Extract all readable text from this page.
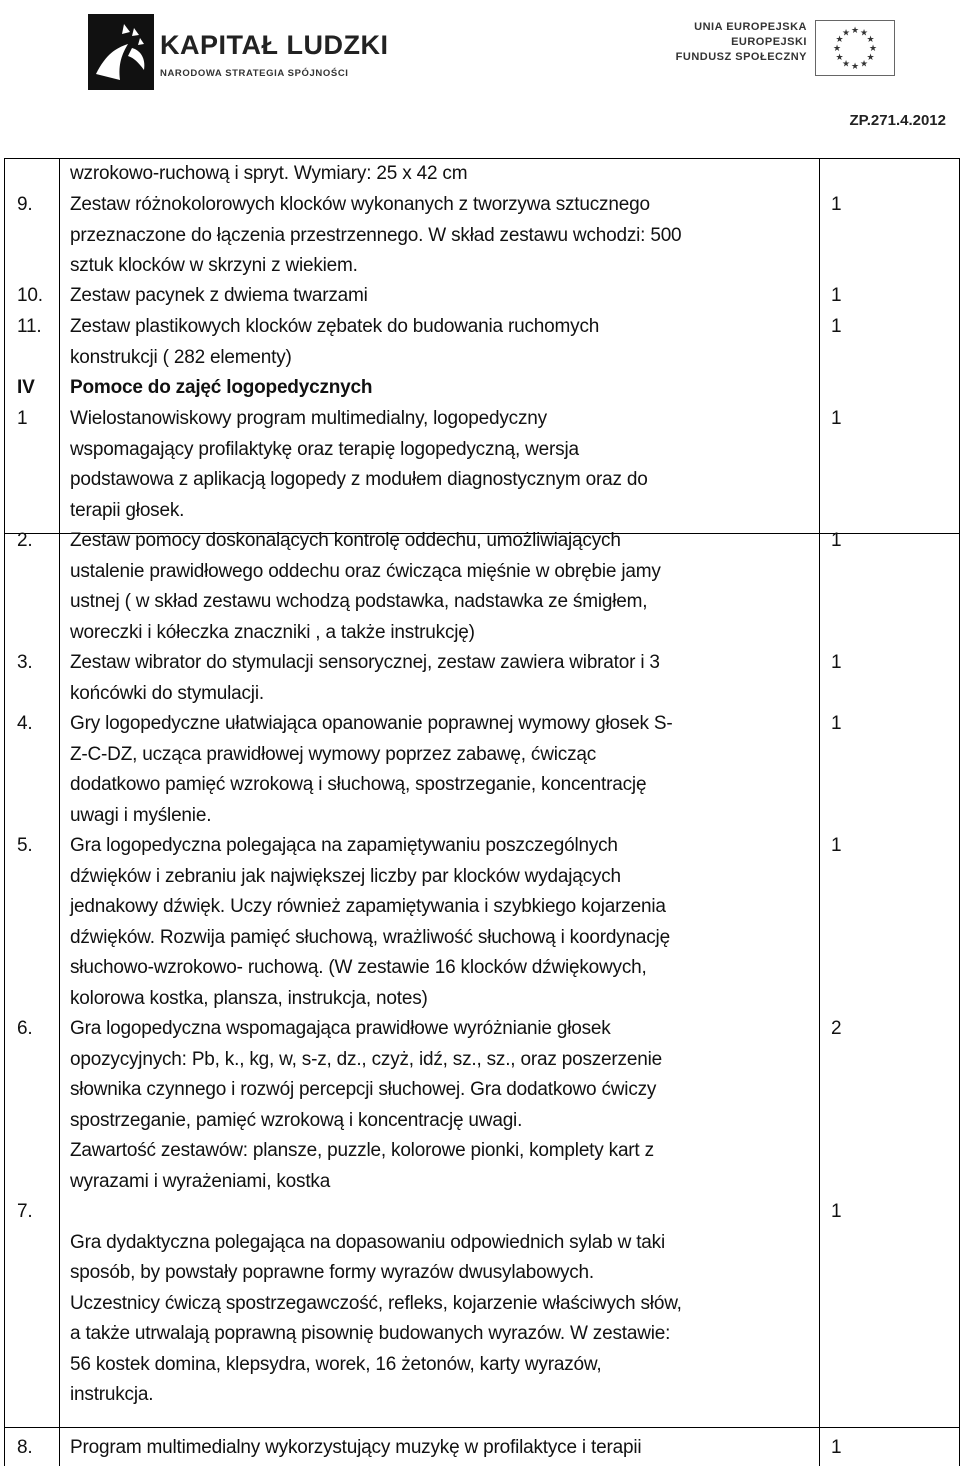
KAPITAŁ LUDZKI
NARODOWA STRATEGIA SPÓJNOŚCI
UNIA EUROPEJSKA
EUROPEJSKI
FUNDUSZ SPOŁECZNY
★ ★
★
★
★
★
★
★
★
★
★
★
ZP.271.4.2012
wzrokowo-ruchową i spryt. Wymiary: 25 x 42 cm
9. Zestaw różnokolorowych klocków wykonanych z tworzywa sztucznego
przeznaczone do łączenia przestrzennego. W skład zestawu wchodzi: 500
sztuk klocków w skrzyni z wiekiem.
1
10. Zestaw pacynek z dwiema twarzami	1
11. Zestaw plastikowych klocków zębatek do budowania ruchomych
konstrukcji ( 282 elementy)
1
IV Pomoce do zajęć logopedycznych
1 Wielostanowiskowy program multimedialny, logopedyczny
wspomagający profilaktykę oraz terapię logopedyczną, wersja
podstawowa z aplikacją logopedy z modułem diagnostycznym oraz do
terapii głosek.
1
2. Zestaw pomocy doskonalących kontrolę oddechu, umożliwiających
ustalenie prawidłowego oddechu oraz ćwicząca mięśnie w obrębie jamy
ustnej ( w skład zestawu wchodzą podstawka, nadstawka ze śmigłem,
woreczki i kółeczka znaczniki , a także instrukcję)
1
3. Zestaw wibrator do stymulacji sensorycznej, zestaw zawiera wibrator i 3
końcówki do stymulacji.
1
4. Gry logopedyczne ułatwiająca opanowanie poprawnej wymowy głosek S-
Z-C-DZ, ucząca prawidłowej wymowy poprzez zabawę, ćwicząc
dodatkowo pamięć wzrokową i słuchową, spostrzeganie, koncentrację
uwagi i myślenie.
1
5. Gra logopedyczna polegająca na zapamiętywaniu poszczególnych
dźwięków i zebraniu jak największej liczby par klocków wydających
jednakowy dźwięk. Uczy również zapamiętywania i szybkiego kojarzenia
dźwięków. Rozwija pamięć słuchową, wrażliwość słuchową i koordynację
słuchowo-wzrokowo- ruchową. (W zestawie 16 klocków dźwiękowych,
kolorowa kostka, plansza, instrukcja, notes)
1
6. Gra logopedyczna wspomagająca prawidłowe wyróżnianie głosek
opozycyjnych: Pb, k., kg, w, s-z, dz., czyż, idź, sz., sz., oraz poszerzenie
słownika czynnego i rozwój percepcji słuchowej. Gra dodatkowo ćwiczy
spostrzeganie, pamięć wzrokową i koncentrację uwagi.
Zawartość zestawów: plansze, puzzle, kolorowe pionki, komplety kart z
wyrazami i wyrażeniami, kostka
2
7.

Gra dydaktyczna polegająca na dopasowaniu odpowiednich sylab w taki
sposób, by powstały poprawne formy wyrazów dwusylabowych.
Uczestnicy ćwiczą spostrzegawczość, refleks, kojarzenie właściwych słów,
a także utrwalają poprawną pisownię budowanych wyrazów. W zestawie:
56 kostek domina, klepsydra, worek, 16 żetonów, karty wyrazów,
instrukcja.
1
8. Program multimedialny wykorzystujący muzykę w profilaktyce i terapii	1
